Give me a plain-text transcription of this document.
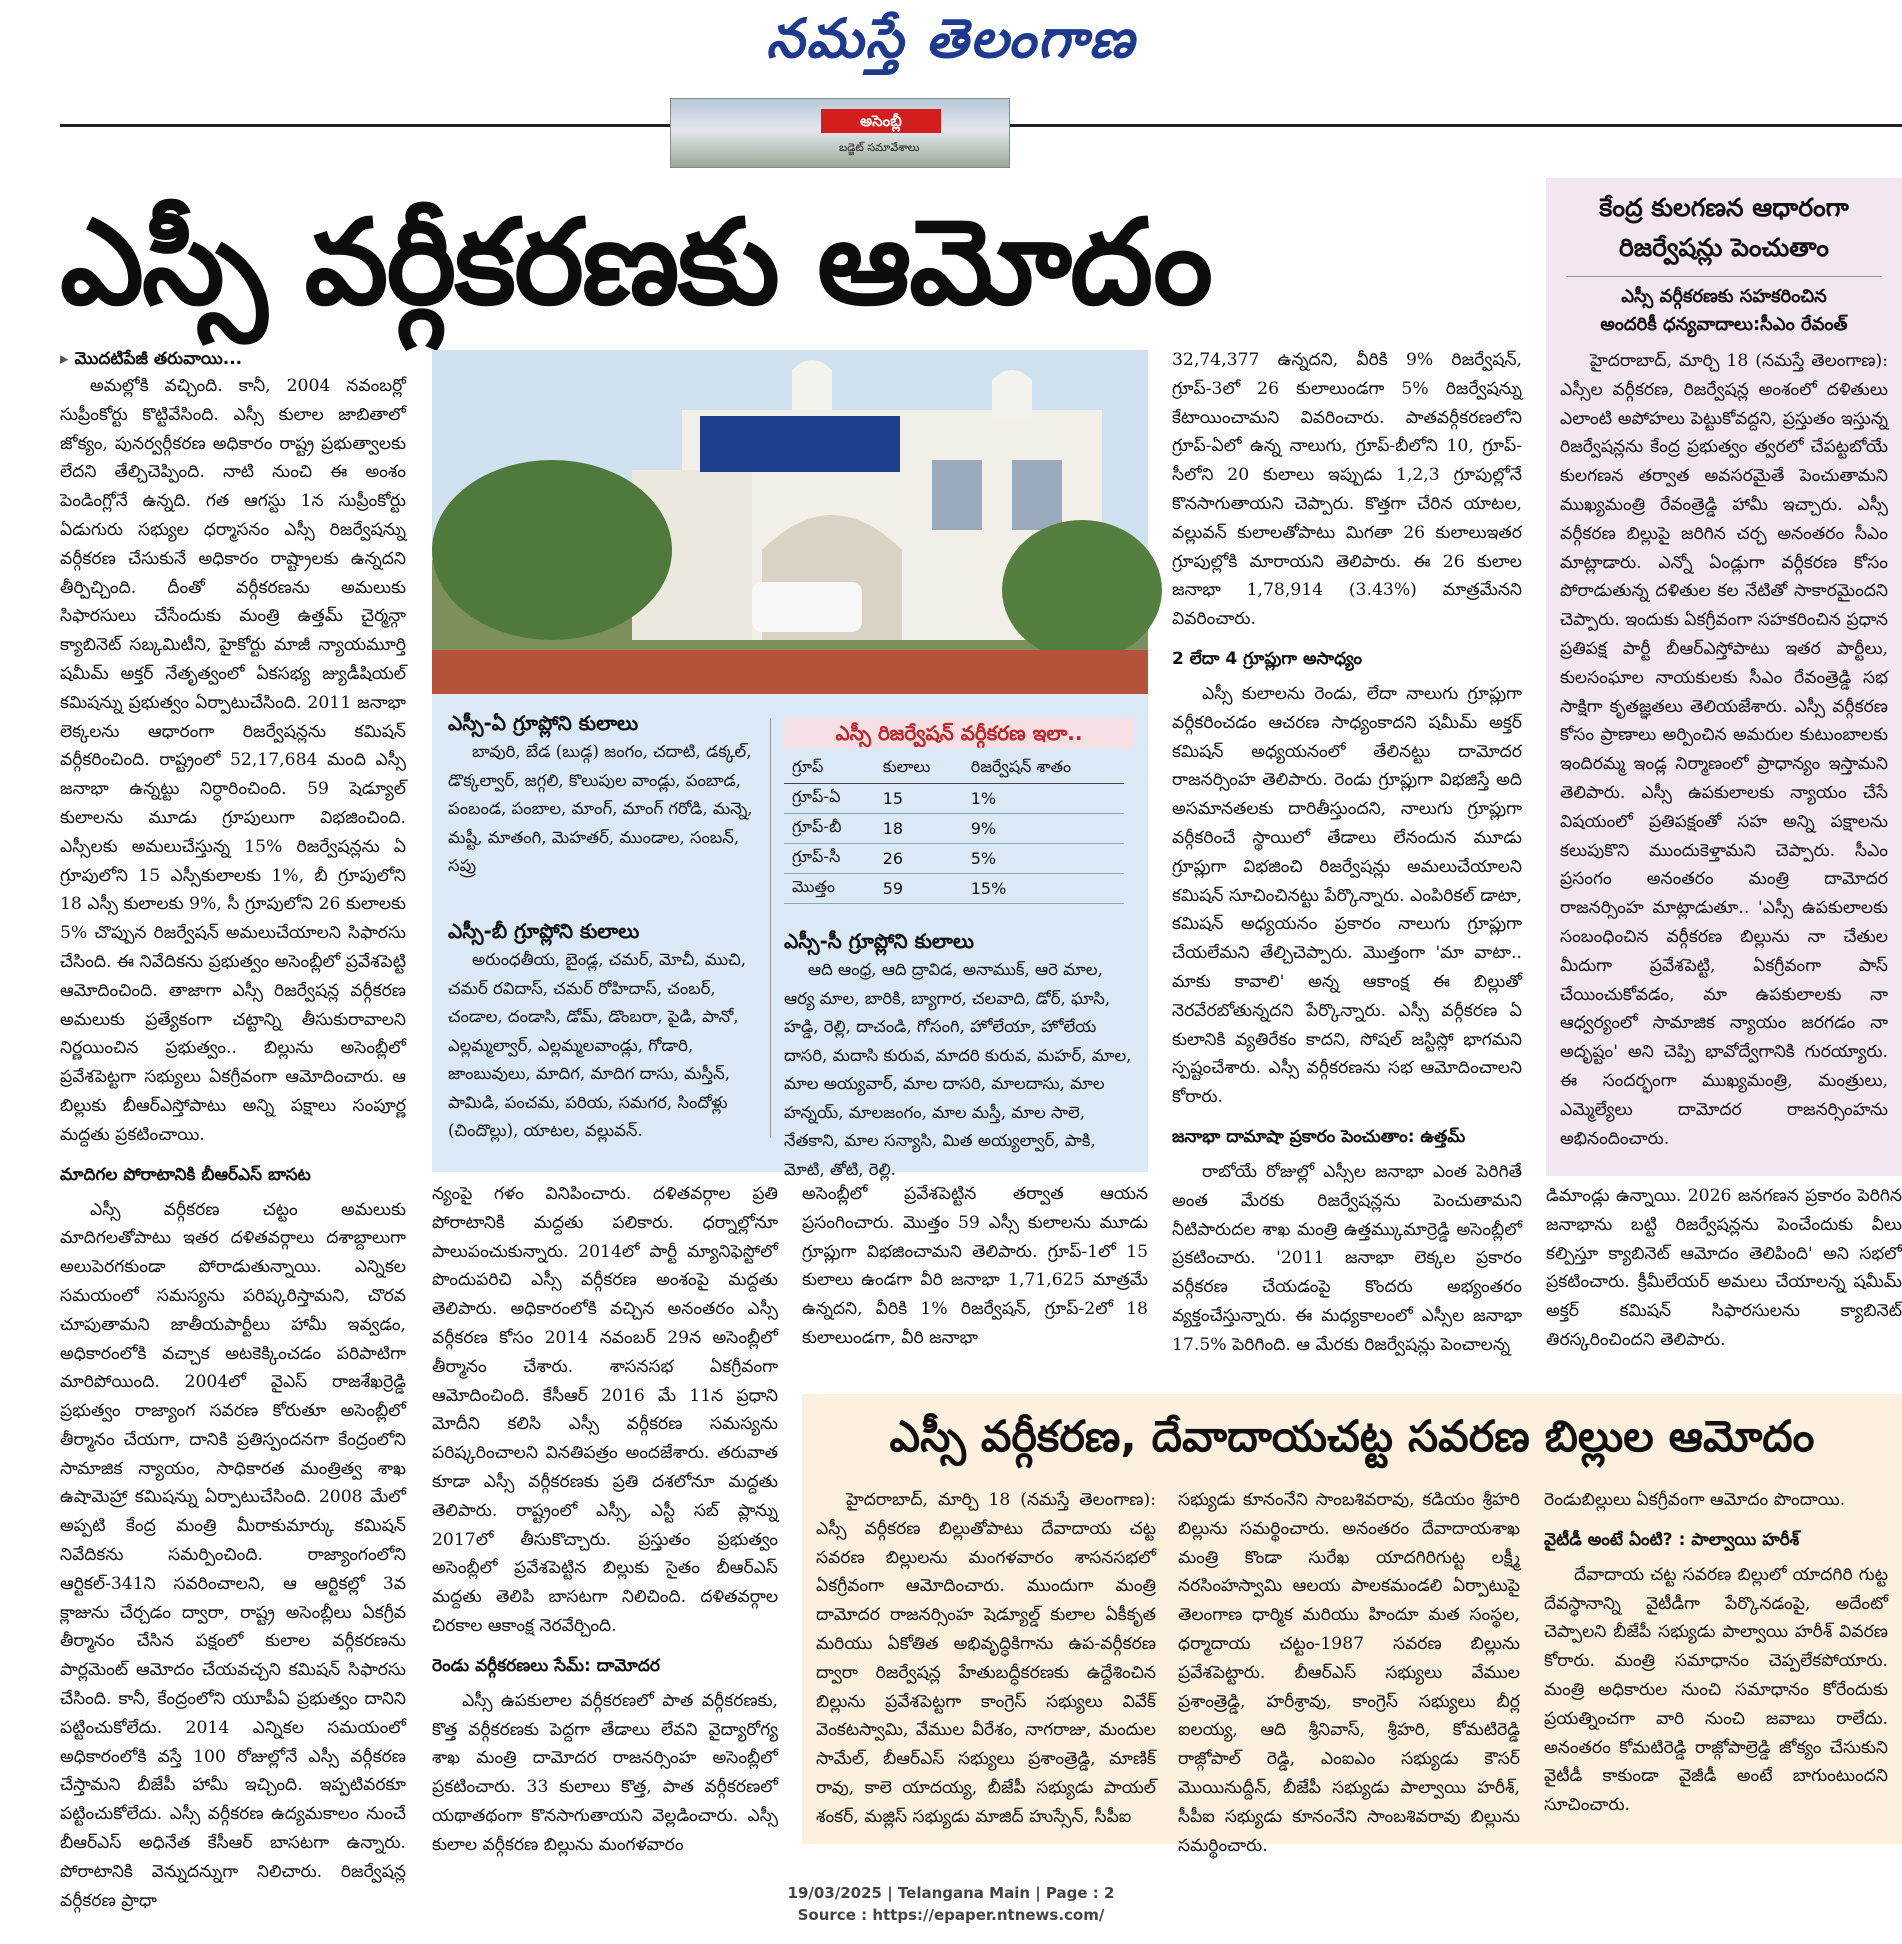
నమస్తే తెలంగాణ
అసెంబ్లీ
బడ్జెట్ సమావేశాలు
ఎస్సీ వర్గీకరణకు ఆమోదం
▸ మొదటిపేజీ తరువాయి...

అమల్లోకి వచ్చింది. కానీ, 2004 నవంబర్లో సుప్రీంకోర్టు కొట్టివేసింది. ఎస్సీ కులాల జాబితాలో జోక్యం, పునర్వర్గీకరణ అధికారం రాష్ట్ర ప్రభుత్వాలకు లేదని తేల్చిచెప్పింది. నాటి నుంచి ఈ అంశం పెండింగ్లోనే ఉన్నది. గత ఆగస్టు 1న సుప్రీంకోర్టు ఏడుగురు సభ్యుల ధర్మాసనం ఎస్సీ రిజర్వేషన్ను వర్గీకరణ చేసుకునే అధికారం రాష్ట్రాలకు ఉన్నదని తీర్పిచ్చింది. దీంతో వర్గీకరణను అమలుకు సిఫారసులు చేసేందుకు మంత్రి ఉత్తమ్ చైర్మన్గా క్యాబినెట్ సబ్కమిటీని, హైకోర్టు మాజీ న్యాయమూర్తి షమీమ్ అక్తర్ నేతృత్వంలో ఏకసభ్య జ్యుడీషియల్ కమిషన్ను ప్రభుత్వం ఏర్పాటుచేసింది. 2011 జనాభా లెక్కలను ఆధారంగా రిజర్వేషన్లను కమిషన్ వర్గీకరించింది. రాష్ట్రంలో 52,17,684 మంది ఎస్సీ జనాభా ఉన్నట్టు నిర్ధారించింది. 59 షెడ్యూల్ కులాలను మూడు గ్రూపులుగా విభజించింది. ఎస్సీలకు అమలుచేస్తున్న 15% రిజర్వేషన్లను ఏ గ్రూపులోని 15 ఎస్సీకులాలకు 1%, బీ గ్రూపులోని 18 ఎస్సీ కులాలకు 9%, సీ గ్రూపులోని 26 కులాలకు 5% చొప్పున రిజర్వేషన్ అమలుచేయాలని సిఫారసు చేసింది. ఈ నివేదికను ప్రభుత్వం అసెంబ్లీలో ప్రవేశపెట్టి ఆమోదించింది. తాజాగా ఎస్సీ రిజర్వేషన్ల వర్గీకరణ అమలుకు ప్రత్యేకంగా చట్టాన్ని తీసుకురావాలని నిర్ణయించిన ప్రభుత్వం.. బిల్లును అసెంబ్లీలో ప్రవేశపెట్టగా సభ్యులు ఏకగ్రీవంగా ఆమోదించారు. ఆ బిల్లుకు బీఆర్ఎస్తోపాటు అన్ని పక్షాలు సంపూర్ణ మద్దతు ప్రకటించాయి.

మాదిగల పోరాటానికి బీఆర్ఎస్ బాసట

ఎస్సీ వర్గీకరణ చట్టం అమలుకు మాదిగలతోపాటు ఇతర దళితవర్గాలు దశాబ్దాలుగా అలుపెరగకుండా పోరాడుతున్నాయి. ఎన్నికల సమయంలో సమస్యను పరిష్కరిస్తామని, చొరవ చూపుతామని జాతీయపార్టీలు హామీ ఇవ్వడం, అధికారంలోకి వచ్చాక అటకెక్కించడం పరిపాటిగా మారిపోయింది. 2004లో వైఎస్ రాజశేఖర్రెడ్డి ప్రభుత్వం రాజ్యాంగ సవరణ కోరుతూ అసెంబ్లీలో తీర్మానం చేయగా, దానికి ప్రతిస్పందనగా కేంద్రంలోని సామాజిక న్యాయం, సాధికారత మంత్రిత్వ శాఖ ఉషామెహ్రా కమిషన్ను ఏర్పాటుచేసింది. 2008 మేలో అప్పటి కేంద్ర మంత్రి మీరాకుమార్కు కమిషన్ నివేదికను సమర్పించింది. రాజ్యాంగంలోని ఆర్టికల్-341ని సవరించాలని, ఆ ఆర్టికల్లో 3వ క్లాజును చేర్చడం ద్వారా, రాష్ట్ర అసెంబ్లీలు ఏకగ్రీవ తీర్మానం చేసిన పక్షంలో కులాల వర్గీకరణను పార్లమెంట్ ఆమోదం చేయవచ్చని కమిషన్ సిఫారసు చేసింది. కానీ, కేంద్రంలోని యూపీఏ ప్రభుత్వం దానిని పట్టించుకోలేదు. 2014 ఎన్నికల సమయంలో అధికారంలోకి వస్తే 100 రోజుల్లోనే ఎస్సీ వర్గీకరణ చేస్తామని బీజేపీ హామీ ఇచ్చింది. ఇప్పటివరకూ పట్టించుకోలేదు. ఎస్సీ వర్గీకరణ ఉద్యమకాలం నుంచే బీఆర్ఎస్ అధినేత కేసీఆర్ బాసటగా ఉన్నారు. పోరాటానికి వెన్నుదన్నుగా నిలిచారు. రిజర్వేషన్ల వర్గీకరణ ప్రాధా

ఎస్సీ-ఏ గ్రూప్లోని కులాలు
బావురి, బేడ (బుడ్గ) జంగం, చదాటి, డక్కల్, డొక్కల్వార్, జగ్గలి, కొలుపుల వాండ్లు, పంబాడ, పంబండ, పంబాల, మాంగ్, మాంగ్ గరోడి, మన్నె, మష్టీ, మాతంగి, మెహతర్, ముండాల, సంబన్, సప్రు
ఎస్సీ-బీ గ్రూప్లోని కులాలు
అరుంధతీయ, బైండ్ల, చమర్, మోచీ, ముచి, చమర్ రవిదాస్, చమర్ రోహిదాస్, చంబర్, చండాల, దండాసి, డోమ్, డొంబరా, పైడి, పానో, ఎల్లమ్మల్వార్, ఎల్లమ్మలవాండ్లు, గోడారి, జాంబువులు, మాదిగ, మాదిగ దాసు, మస్తీన్, పామిడి, పంచమ, పరియ, సమగర, సిందోళ్లు (చిందొల్లు), యాటల, వల్లువన్.
ఎస్సీ రిజర్వేషన్ వర్గీకరణ ఇలా..
గ్రూప్	కులాలు	రిజర్వేషన్ శాతం
గ్రూప్-ఏ	15	1%
గ్రూప్-బీ	18	9%
గ్రూప్-సీ	26	5%
మొత్తం	59	15%
ఎస్సీ-సీ గ్రూప్లోని కులాలు
ఆది ఆంధ్ర, ఆది ద్రావిడ, అనాముక్, ఆరె మాల, ఆర్య మాల, బారికి, బ్యాగార, చలవాది, డోర్, ఘాసి, హడ్డి, రెల్లి, దాచండి, గోసంగి, హోలేయా, హోలేయ దాసరి, మదాసి కురువ, మాదరి కురువ, మహర్, మాల, మాల అయ్యవార్, మాల దాసరి, మాలదాసు, మాల హన్నయ్, మాలజంగం, మాల మస్తీ, మాల సాలె, నేతకాని, మాల సన్యాసి, మిత అయ్యల్వార్, పాకి, మోటి, తోటి, రెల్లి.

32,74,377 ఉన్నదని, వీరికి 9% రిజర్వేషన్, గ్రూప్-3లో 26 కులాలుండగా 5% రిజర్వేషన్ను కేటాయించామని వివరించారు. పాతవర్గీకరణలోని గ్రూప్-ఏలో ఉన్న నాలుగు, గ్రూప్-బీలోని 10, గ్రూప్-సీలోని 20 కులాలు ఇప్పుడు 1,2,3 గ్రూపుల్లోనే కొనసాగుతాయని చెప్పారు. కొత్తగా చేరిన యాటల, వల్లువన్ కులాలతోపాటు మిగతా 26 కులాలుఇతర గ్రూపుల్లోకి మారాయని తెలిపారు. ఈ 26 కులాల జనాభా 1,78,914 (3.43%) మాత్రమేనని వివరించారు.

2 లేదా 4 గ్రూప్లుగా అసాధ్యం

ఎస్సీ కులాలను రెండు, లేదా నాలుగు గ్రూప్లుగా వర్గీకరించడం ఆచరణ సాధ్యంకాదని షమీమ్ అక్తర్ కమిషన్ అధ్యయనంలో తేలినట్టు దామోదర రాజనర్సింహ తెలిపారు. రెండు గ్రూప్లుగా విభజిస్తే అది అసమానతలకు దారితీస్తుందని, నాలుగు గ్రూప్లుగా వర్గీకరించే స్థాయిలో తేడాలు లేనందున మూడు గ్రూప్లుగా విభజించి రిజర్వేషన్లు అమలుచేయాలని కమిషన్ సూచించినట్టు పేర్కొన్నారు. ఎంపిరికల్ డాటా, కమిషన్ అధ్యయనం ప్రకారం నాలుగు గ్రూప్లుగా చేయలేమని తేల్చిచెప్పారు. మొత్తంగా 'మా వాటా.. మాకు కావాలి' అన్న ఆకాంక్ష ఈ బిల్లుతో నెరవేరబోతున్నదని పేర్కొన్నారు. ఎస్సీ వర్గీకరణ ఏ కులానికి వ్యతిరేకం కాదని, సోషల్ జస్టిస్లో భాగమని స్పష్టంచేశారు. ఎస్సీ వర్గీకరణను సభ ఆమోదించాలని కోరారు.

జనాభా దామాషా ప్రకారం పెంచుతాం: ఉత్తమ్

రాబోయే రోజుల్లో ఎస్సీల జనాభా ఎంత పెరిగితే అంత మేరకు రిజర్వేషన్లను పెంచుతామని నీటిపారుదల శాఖ మంత్రి ఉత్తమ్కుమార్రెడ్డి అసెంబ్లీలో ప్రకటించారు. '2011 జనాభా లెక్కల ప్రకారం వర్గీకరణ చేయడంపై కొందరు అభ్యంతరం వ్యక్తంచేస్తున్నారు. ఈ మధ్యకాలంలో ఎస్సీల జనాభా 17.5% పెరిగింది. ఆ మేరకు రిజర్వేషన్లు పెంచాలన్న

కేంద్ర కులగణన ఆధారంగా
రిజర్వేషన్లు పెంచుతాం
ఎస్సీ వర్గీకరణకు సహకరించిన
అందరికీ ధన్యవాదాలు:సీఎం రేవంత్
హైదరాబాద్, మార్చి 18 (నమస్తే తెలంగాణ): ఎస్సీల వర్గీకరణ, రిజర్వేషన్ల అంశంలో దళితులు ఎలాంటి అపోహలు పెట్టుకోవద్దని, ప్రస్తుతం ఇస్తున్న రిజర్వేషన్లను కేంద్ర ప్రభుత్వం త్వరలో చేపట్టబోయే కులగణన తర్వాత అవసరమైతే పెంచుతామని ముఖ్యమంత్రి రేవంత్రెడ్డి హామీ ఇచ్చారు. ఎస్సీ వర్గీకరణ బిల్లుపై జరిగిన చర్చ అనంతరం సీఎం మాట్లాడారు. ఎన్నో ఏండ్లుగా వర్గీకరణ కోసం పోరాడుతున్న దళితుల కల నేటితో సాకారమైందని చెప్పారు. ఇందుకు ఏకగ్రీవంగా సహకరించిన ప్రధాన ప్రతిపక్ష పార్టీ బీఆర్ఎస్తోపాటు ఇతర పార్టీలు, కులసంఘాల నాయకులకు సీఎం రేవంత్రెడ్డి సభ సాక్షిగా కృతజ్ఞతలు తెలియజేశారు. ఎస్సీ వర్గీకరణ కోసం ప్రాణాలు అర్పించిన అమరుల కుటుంబాలకు ఇందిరమ్మ ఇండ్ల నిర్మాణంలో ప్రాధాన్యం ఇస్తామని తెలిపారు. ఎస్సీ ఉపకులాలకు న్యాయం చేసే విషయంలో ప్రతిపక్షంతో సహ అన్ని పక్షాలను కలుపుకొని ముందుకెళ్తామని చెప్పారు. సీఎం ప్రసంగం అనంతరం మంత్రి దామోదర రాజనర్సింహ మాట్లాడుతూ.. 'ఎస్సీ ఉపకులాలకు సంబంధించిన వర్గీకరణ బిల్లును నా చేతుల మీదుగా ప్రవేశపెట్టి, ఏకగ్రీవంగా పాస్ చేయించుకోవడం, మా ఉపకులాలకు నా ఆధ్వర్యంలో సామాజిక న్యాయం జరగడం నా అదృష్టం' అని చెప్పి భావోద్వేగానికి గురయ్యారు. ఈ సందర్భంగా ముఖ్యమంత్రి, మంత్రులు, ఎమ్మెల్యేలు దామోదర రాజనర్సింహను అభినందించారు.

న్యంపై గళం వినిపించారు. దళితవర్గాల ప్రతి పోరాటానికి మద్దతు పలికారు. ధర్నాల్లోనూ పాలుపంచుకున్నారు. 2014లో పార్టీ మ్యానిఫెస్టోలో పొందుపరిచి ఎస్సీ వర్గీకరణ అంశంపై మద్దతు తెలిపారు. అధికారంలోకి వచ్చిన అనంతరం ఎస్సీ వర్గీకరణ కోసం 2014 నవంబర్ 29న అసెంబ్లీలో తీర్మానం చేశారు. శాసనసభ ఏకగ్రీవంగా ఆమోదించింది. కేసీఆర్ 2016 మే 11న ప్రధాని మోదీని కలిసి ఎస్సీ వర్గీకరణ సమస్యను పరిష్కరించాలని వినతిపత్రం అందజేశారు. తరువాత కూడా ఎస్సీ వర్గీకరణకు ప్రతి దశలోనూ మద్దతు తెలిపారు. రాష్ట్రంలో ఎస్సీ, ఎస్టీ సబ్ ప్లాన్ను 2017లో తీసుకొచ్చారు. ప్రస్తుతం ప్రభుత్వం అసెంబ్లీలో ప్రవేశపెట్టిన బిల్లుకు సైతం బీఆర్ఎస్ మద్దతు తెలిపి బాసటగా నిలిచింది. దళితవర్గాల చిరకాల ఆకాంక్ష నెరవేర్చింది.

రెండు వర్గీకరణలు సేమ్: దామోదర

ఎస్సీ ఉపకులాల వర్గీకరణలో పాత వర్గీకరణకు, కొత్త వర్గీకరణకు పెద్దగా తేడాలు లేవని వైద్యారోగ్య శాఖ మంత్రి దామోదర రాజనర్సింహ అసెంబ్లీలో ప్రకటించారు. 33 కులాలు కొత్త, పాత వర్గీకరణలో యథాతథంగా కొనసాగుతాయని వెల్లడించారు. ఎస్సీ కులాల వర్గీకరణ బిల్లును మంగళవారం

అసెంబ్లీలో ప్రవేశపెట్టిన తర్వాత ఆయన ప్రసంగించారు. మొత్తం 59 ఎస్సీ కులాలను మూడు గ్రూప్లుగా విభజించామని తెలిపారు. గ్రూప్-1లో 15 కులాలు ఉండగా వీరి జనాభా 1,71,625 మాత్రమే ఉన్నదని, వీరికి 1% రిజర్వేషన్, గ్రూప్-2లో 18 కులాలుండగా, వీరి జనాభా

డిమాండ్లు ఉన్నాయి. 2026 జనగణన ప్రకారం పెరిగిన జనాభాను బట్టి రిజర్వేషన్లను పెంచేందుకు వీలు కల్పిస్తూ క్యాబినెట్ ఆమోదం తెలిపింది' అని సభలో ప్రకటించారు. క్రీమీలేయర్ అమలు చేయాలన్న షమీమ్ అక్తర్ కమిషన్ సిఫారసులను క్యాబినెట్ తిరస్కరించిందని తెలిపారు.

ఎస్సీ వర్గీకరణ, దేవాదాయచట్ట సవరణ బిల్లుల ఆమోదం

హైదరాబాద్, మార్చి 18 (నమస్తే తెలంగాణ): ఎస్సీ వర్గీకరణ బిల్లుతోపాటు దేవాదాయ చట్ట సవరణ బిల్లులను మంగళవారం శాసనసభలో ఏకగ్రీవంగా ఆమోదించారు. ముందుగా మంత్రి దామోదర రాజనర్సింహ షెడ్యూల్డ్ కులాల ఏకీకృత మరియు ఏకోతిత అభివృద్ధికిగాను ఉప-వర్గీకరణ ద్వారా రిజర్వేషన్ల హేతుబద్ధీకరణకు ఉద్దేశించిన బిల్లును ప్రవేశపెట్టగా కాంగ్రెస్ సభ్యులు వివేక్ వెంకటస్వామి, వేముల వీరేశం, నాగరాజు, మందుల సామేల్, బీఆర్ఎస్ సభ్యులు ప్రశాంత్రెడ్డి, మాణిక్ రావు, కాలె యాదయ్య, బీజేపీ సభ్యుడు పాయల్ శంకర్, మజ్లిస్ సభ్యుడు మాజిద్ హుస్సేన్, సీపీఐ

సభ్యుడు కూనంనేని సాంబశివరావు, కడియం శ్రీహరి బిల్లును సమర్థించారు. అనంతరం దేవాదాయశాఖ మంత్రి కొండా సురేఖ యాదగిరిగుట్ట లక్ష్మీ నరసింహస్వామి ఆలయ పాలకమండలి ఏర్పాటుపై తెలంగాణ ధార్మిక మరియు హిందూ మత సంస్థల, ధర్మాదాయ చట్టం-1987 సవరణ బిల్లును ప్రవేశపెట్టారు. బీఆర్ఎస్ సభ్యులు వేముల ప్రశాంత్రెడ్డి, హరీశ్రావు, కాంగ్రెస్ సభ్యులు బీర్ల ఐలయ్య, ఆది శ్రీనివాస్, శ్రీహరి, కోమటిరెడ్డి రాజ్గోపాల్ రెడ్డి, ఎంఐఎం సభ్యుడు కౌసర్ మొయినుద్దీన్, బీజేపీ సభ్యుడు పాల్వాయి హరీశ్, సీపీఐ సభ్యుడు కూనంనేని సాంబశివరావు బిల్లును సమర్థించారు.

రెండుబిల్లులు ఏకగ్రీవంగా ఆమోదం పొందాయి.

వైటీడీ అంటే ఏంటి? : పాల్వాయి హరీశ్

దేవాదాయ చట్ట సవరణ బిల్లులో యాదగిరి గుట్ట దేవస్థానాన్ని వైటీడీగా పేర్కొనడంపై, అదేంటో చెప్పాలని బీజేపీ సభ్యుడు పాల్వాయి హరీశ్ వివరణ కోరారు. మంత్రి సమాధానం చెప్పలేకపోయారు. మంత్రి అధికారుల నుంచి సమాధానం కోరేందుకు ప్రయత్నించగా వారి నుంచి జవాబు రాలేదు. అనంతరం కోమటిరెడ్డి రాజ్గోపాల్రెడ్డి జోక్యం చేసుకుని వైటీడీ కాకుండా వైజీడీ అంటే బాగుంటుందని సూచించారు.

19/03/2025 | Telangana Main | Page : 2
Source : https://epaper.ntnews.com/
